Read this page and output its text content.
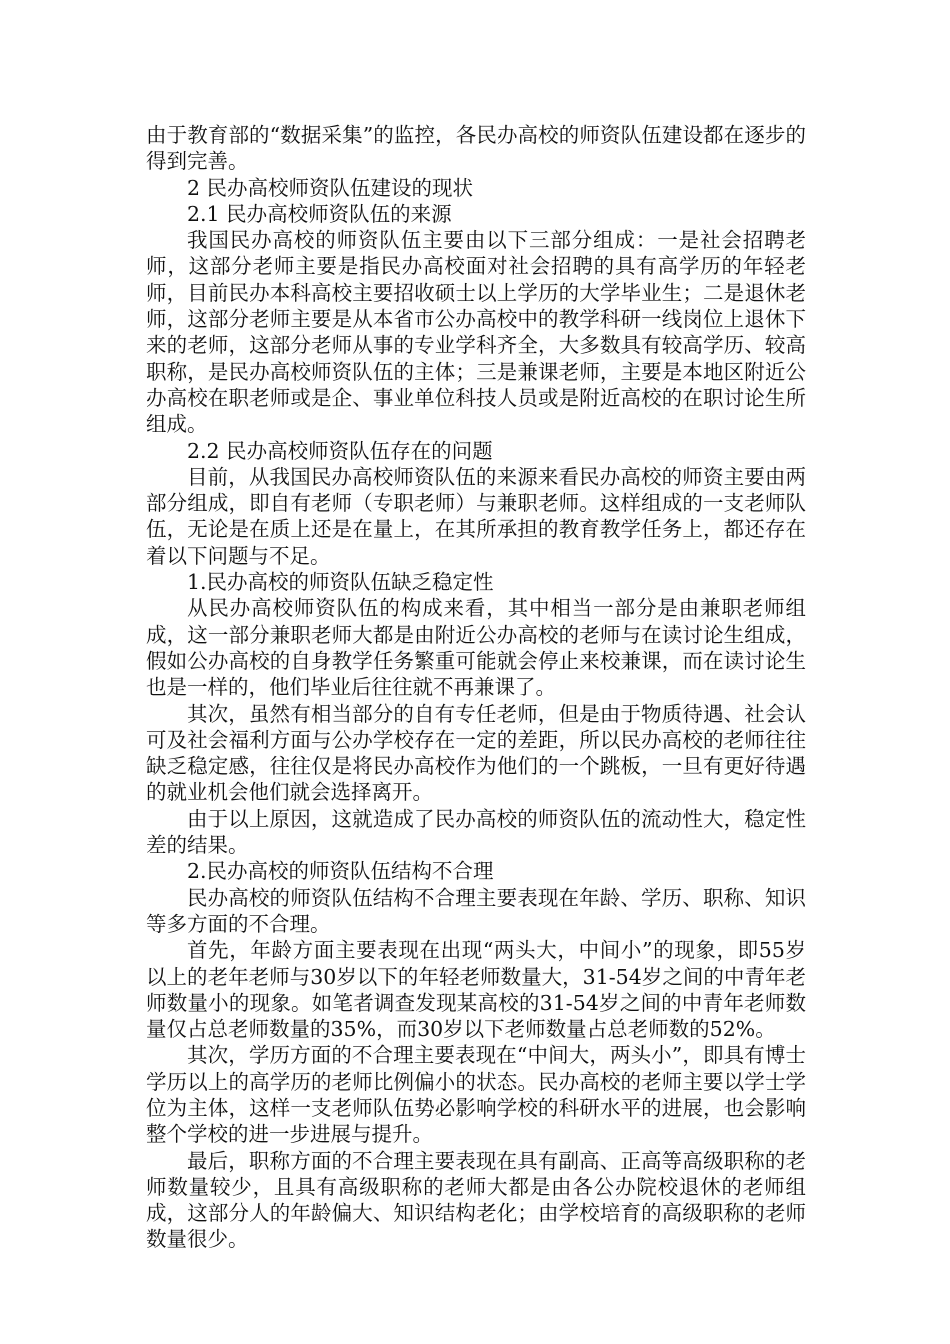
由于教育部的“数据采集”的监控，各民办高校的师资队伍建设都在逐步的得到完善。

2 民办高校师资队伍建设的现状

2.1 民办高校师资队伍的来源

我国民办高校的师资队伍主要由以下三部分组成：一是社会招聘老师，这部分老师主要是指民办高校面对社会招聘的具有高学历的年轻老师，目前民办本科高校主要招收硕士以上学历的大学毕业生；二是退休老师，这部分老师主要是从本省市公办高校中的教学科研一线岗位上退休下来的老师，这部分老师从事的专业学科齐全，大多数具有较高学历、较高职称，是民办高校师资队伍的主体；三是兼课老师，主要是本地区附近公办高校在职老师或是企、事业单位科技人员或是附近高校的在职讨论生所组成。

2.2 民办高校师资队伍存在的问题

目前，从我国民办高校师资队伍的来源来看民办高校的师资主要由两部分组成，即自有老师（专职老师）与兼职老师。这样组成的一支老师队伍，无论是在质上还是在量上，在其所承担的教育教学任务上，都还存在着以下问题与不足。

1.民办高校的师资队伍缺乏稳定性

从民办高校师资队伍的构成来看，其中相当一部分是由兼职老师组成，这一部分兼职老师大都是由附近公办高校的老师与在读讨论生组成，假如公办高校的自身教学任务繁重可能就会停止来校兼课，而在读讨论生也是一样的，他们毕业后往往就不再兼课了。

其次，虽然有相当部分的自有专任老师，但是由于物质待遇、社会认可及社会福利方面与公办学校存在一定的差距，所以民办高校的老师往往缺乏稳定感，往往仅是将民办高校作为他们的一个跳板，一旦有更好待遇的就业机会他们就会选择离开。

由于以上原因，这就造成了民办高校的师资队伍的流动性大，稳定性差的结果。

2.民办高校的师资队伍结构不合理

民办高校的师资队伍结构不合理主要表现在年龄、学历、职称、知识等多方面的不合理。

首先，年龄方面主要表现在出现“两头大，中间小”的现象，即55岁以上的老年老师与30岁以下的年轻老师数量大，31-54岁之间的中青年老师数量小的现象。如笔者调查发现某高校的31-54岁之间的中青年老师数量仅占总老师数量的35%，而30岁以下老师数量占总老师数的52%。

其次，学历方面的不合理主要表现在“中间大，两头小”，即具有博士学历以上的高学历的老师比例偏小的状态。民办高校的老师主要以学士学位为主体，这样一支老师队伍势必影响学校的科研水平的进展，也会影响整个学校的进一步进展与提升。

最后，职称方面的不合理主要表现在具有副高、正高等高级职称的老师数量较少，且具有高级职称的老师大都是由各公办院校退休的老师组成，这部分人的年龄偏大、知识结构老化；由学校培育的高级职称的老师数量很少。
